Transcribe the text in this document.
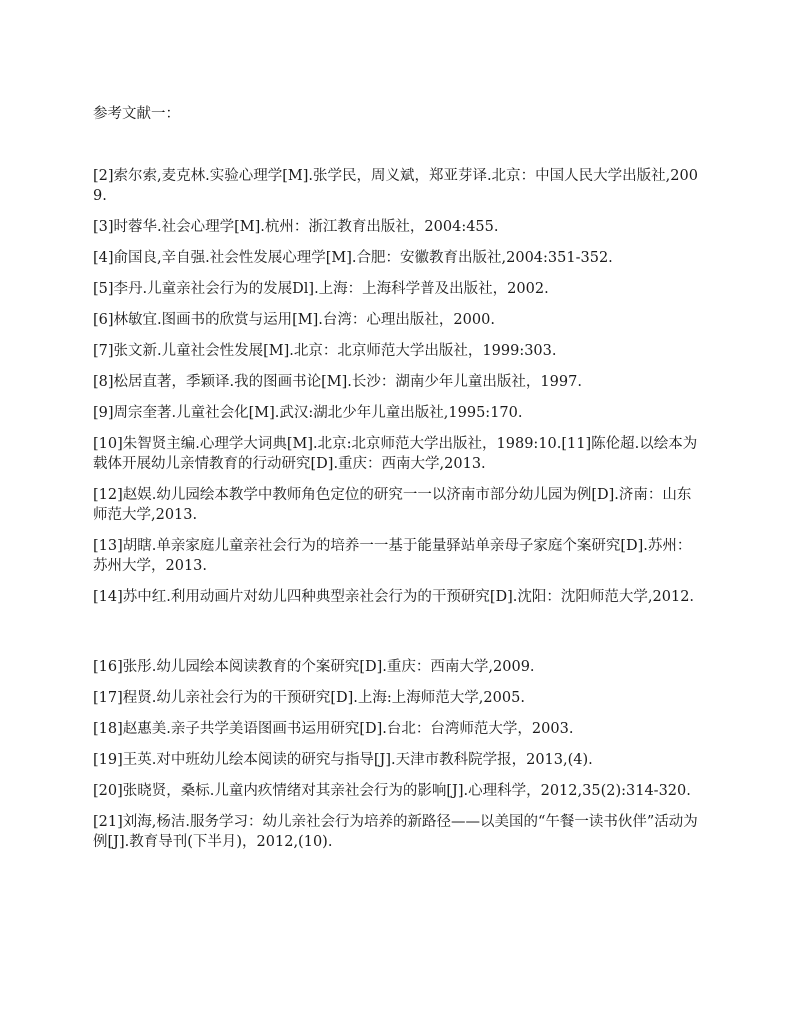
参考文献一：
[2]索尔索,麦克林.实验心理学[M].张学民，周义斌，郑亚芽译.北京：中国人民大学出版社,2009.
[3]时蓉华.社会心理学[M].杭州：浙江教育出版社，2004:455.
[4]俞国良,辛自强.社会性发展心理学[M].合肥：安徽教育出版社,2004:351-352.
[5]李丹.儿童亲社会行为的发展Dl].上海：上海科学普及出版社，2002.
[6]林敏宜.图画书的欣赏与运用[M].台湾：心理出版社，2000.
[7]张文新.儿童社会性发展[M].北京：北京师范大学出版社，1999:303.
[8]松居直著，季颖译.我的图画书论[M].长沙：湖南少年儿童出版社，1997.
[9]周宗奎著.儿童社会化[M].武汉:湖北少年儿童出版社,1995:170.
[10]朱智贤主编.心理学大词典[M].北京:北京师范大学出版社，1989:10.[11]陈伦超.以绘本为载体开展幼儿亲情教育的行动研究[D].重庆：西南大学,2013.
[12]赵娱.幼儿园绘本教学中教师角色定位的研究一一以济南市部分幼儿园为例[D].济南：山东师范大学,2013.
[13]胡瞎.单亲家庭儿童亲社会行为的培养一一基于能量驿站单亲母子家庭个案研究[D].苏州：苏州大学，2013.
[14]苏中红.利用动画片对幼儿四种典型亲社会行为的干预研究[D].沈阳：沈阳师范大学,2012.
[16]张彤.幼儿园绘本阅读教育的个案研究[D].重庆：西南大学,2009.
[17]程贤.幼儿亲社会行为的干预研究[D].上海:上海师范大学,2005.
[18]赵惠美.亲子共学美语图画书运用研究[D].台北：台湾师范大学，2003.
[19]王英.对中班幼儿绘本阅读的研究与指导[J].天津市教科院学报，2013,(4).
[20]张晓贤，桑标.儿童内疚情绪对其亲社会行为的影响[J].心理科学，2012,35(2):314-320.
[21]刘海,杨洁.服务学习：幼儿亲社会行为培养的新路径——以美国的“午餐一读书伙伴”活动为例[J].教育导刊(下半月)，2012,(10).
